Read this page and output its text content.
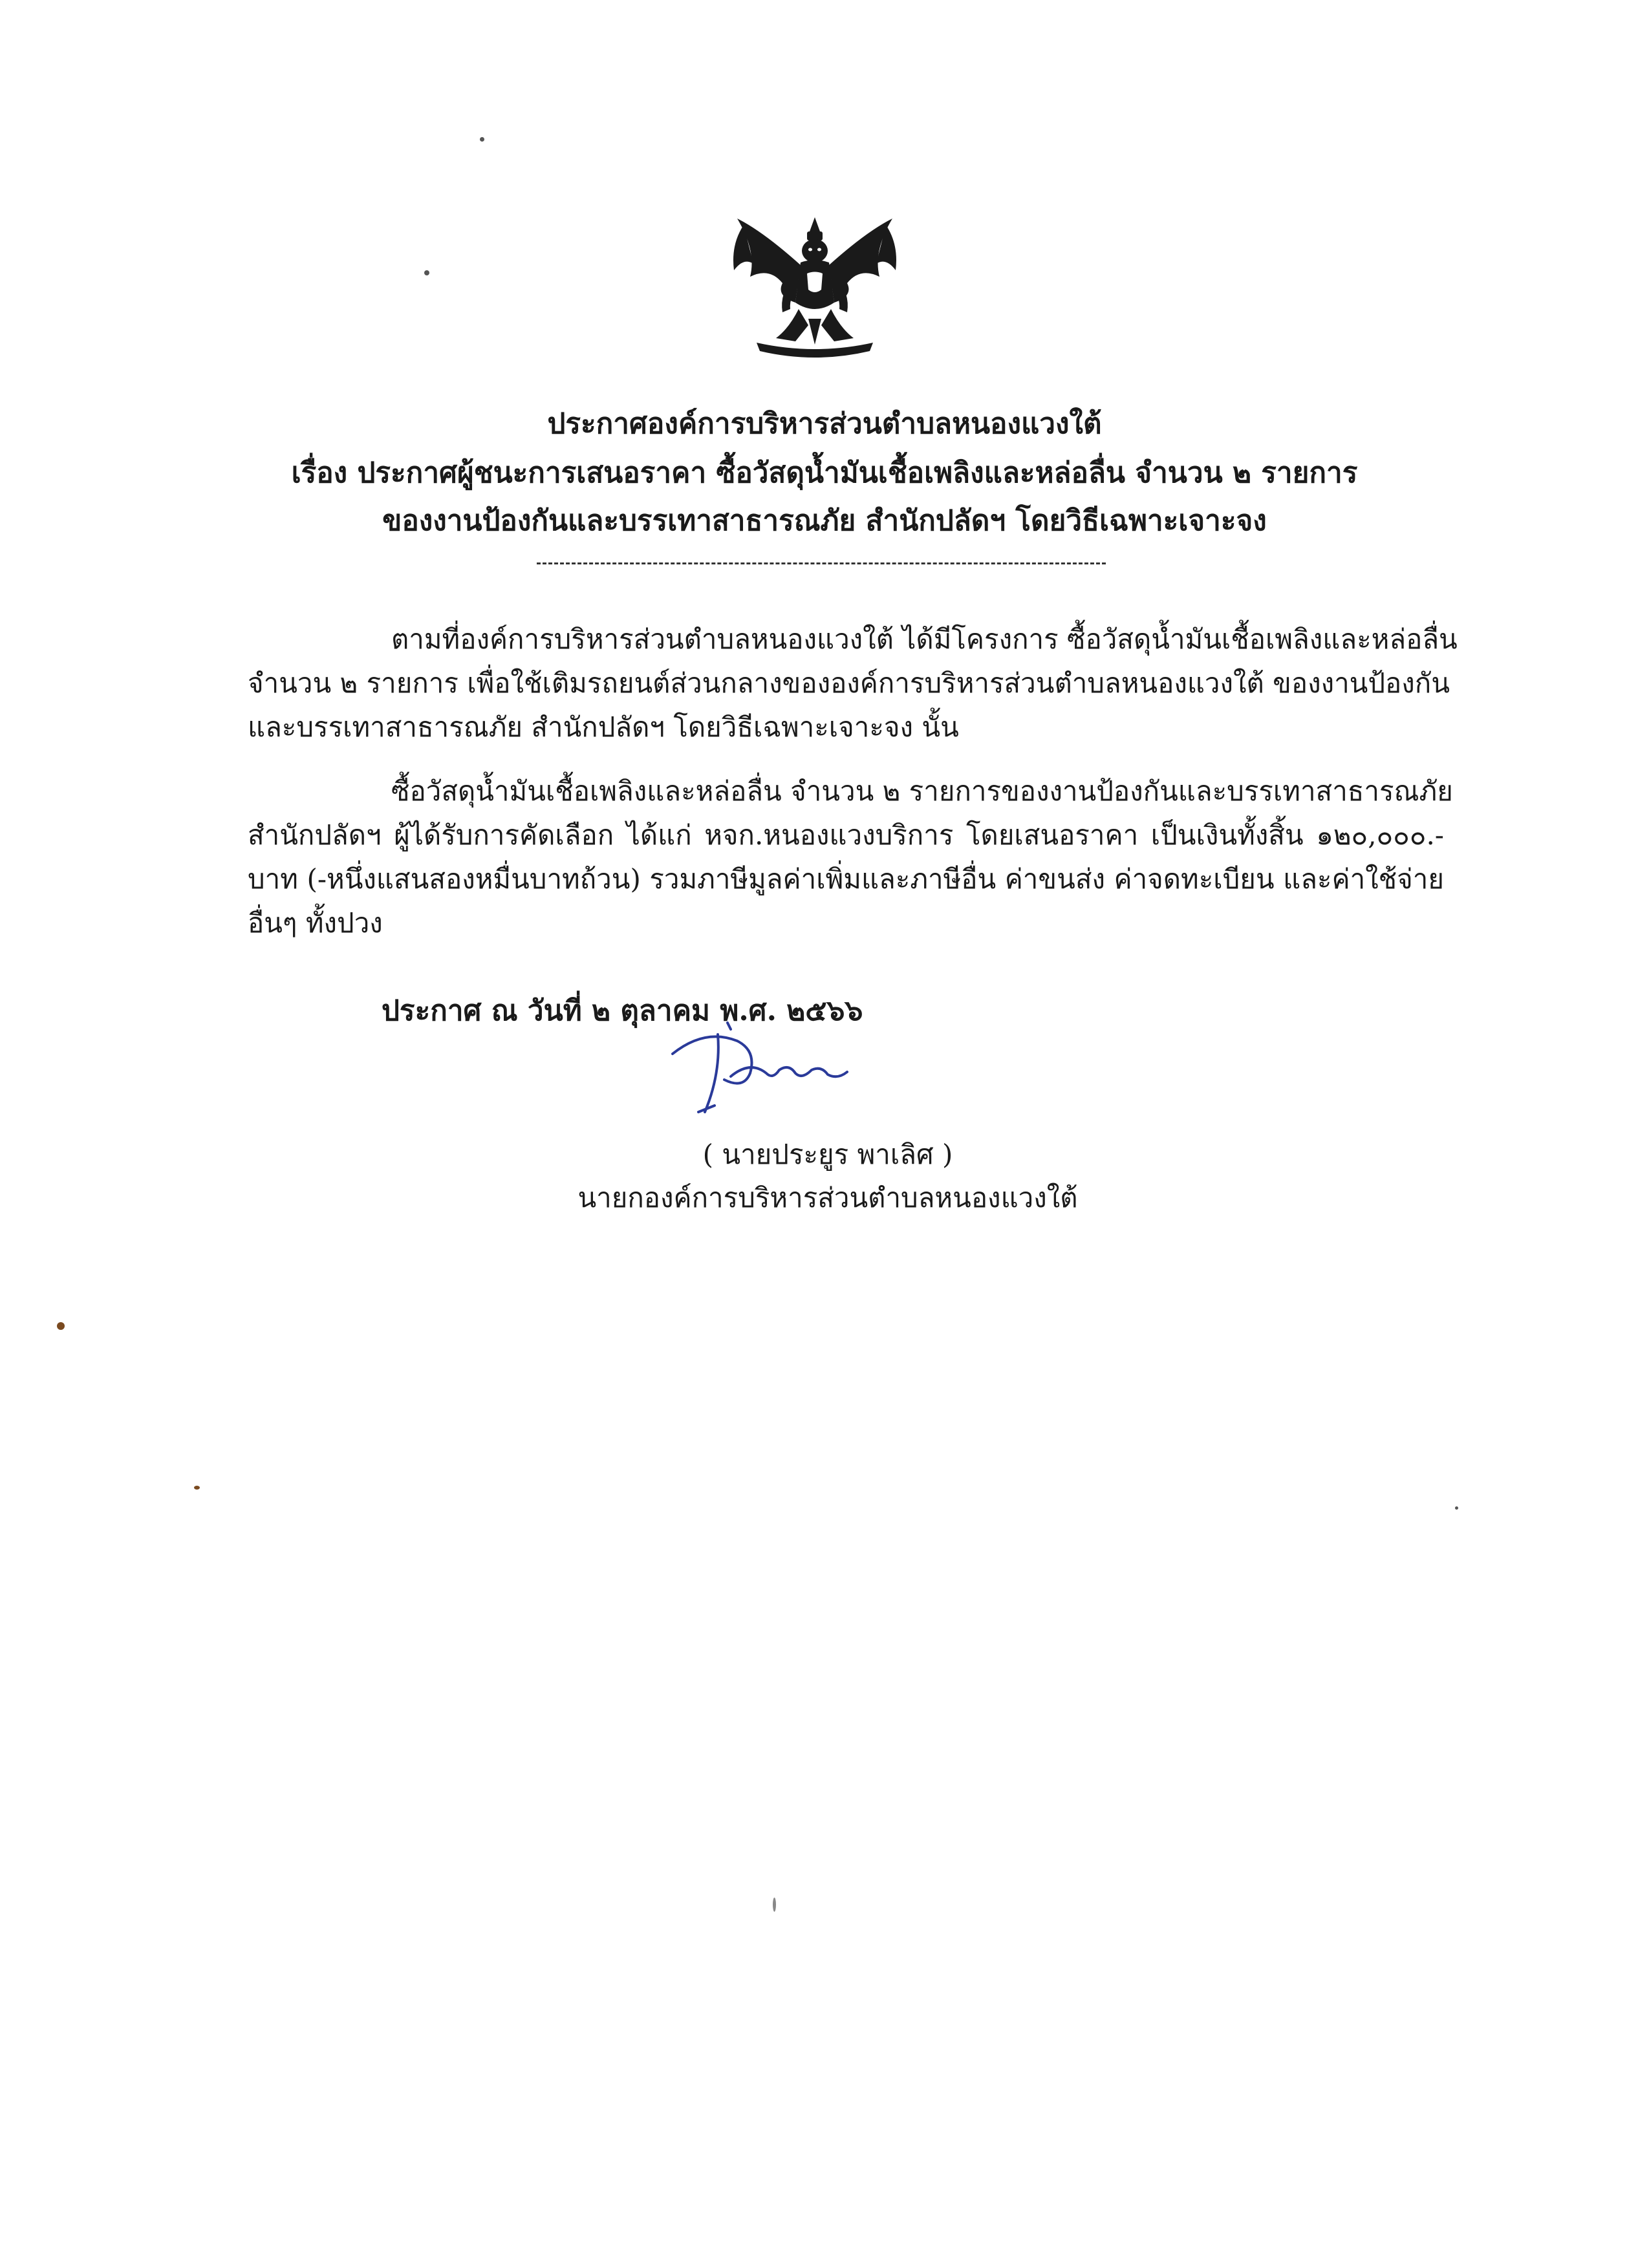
ประกาศองค์การบริหารส่วนตำบลหนองแวงใต้
เรื่อง ประกาศผู้ชนะการเสนอราคา ซื้อวัสดุน้ำมันเชื้อเพลิงและหล่อลื่น จำนวน ๒ รายการ
ของงานป้องกันและบรรเทาสาธารณภัย สำนักปลัดฯ โดยวิธีเฉพาะเจาะจง
ตามที่องค์การบริหารส่วนตำบลหนองแวงใต้ ได้มีโครงการ ซื้อวัสดุน้ำมันเชื้อเพลิงและหล่อลื่น
จำนวน ๒ รายการ เพื่อใช้เติมรถยนต์ส่วนกลางขององค์การบริหารส่วนตำบลหนองแวงใต้ ของงานป้องกัน
และบรรเทาสาธารณภัย สำนักปลัดฯ โดยวิธีเฉพาะเจาะจง นั้น
ซื้อวัสดุน้ำมันเชื้อเพลิงและหล่อลื่น จำนวน ๒ รายการของงานป้องกันและบรรเทาสาธารณภัย
สำนักปลัดฯ ผู้ได้รับการคัดเลือก ได้แก่ หจก.หนองแวงบริการ โดยเสนอราคา เป็นเงินทั้งสิ้น ๑๒๐,๐๐๐.-
บาท (-หนึ่งแสนสองหมื่นบาทถ้วน) รวมภาษีมูลค่าเพิ่มและภาษีอื่น ค่าขนส่ง ค่าจดทะเบียน และค่าใช้จ่าย
อื่นๆ ทั้งปวง
ประกาศ ณ วันที่ ๒ ตุลาคม พ.ศ. ๒๕๖๖
( นายประยูร พาเลิศ )
นายกองค์การบริหารส่วนตำบลหนองแวงใต้
